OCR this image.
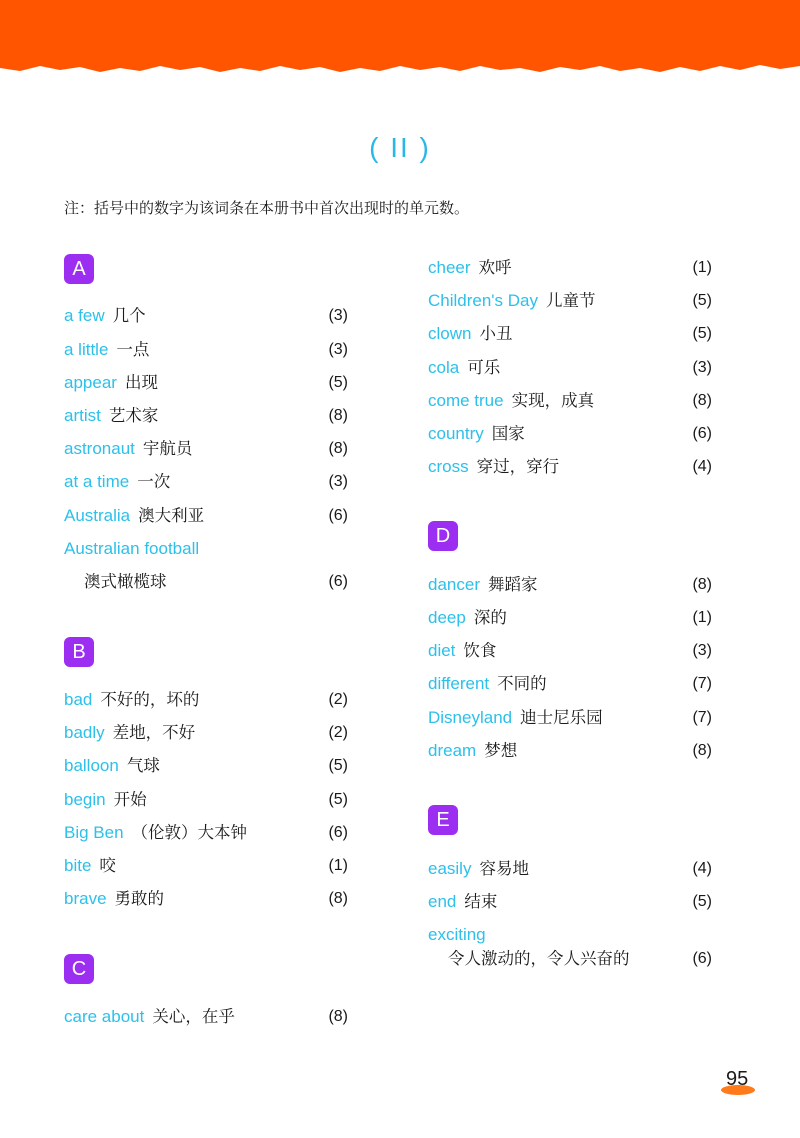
( II )
注：括号中的数字为该词条在本册书中首次出现时的单元数。
A
a few 几个	(3)
a little 一点	(3)
appear 出现	(5)
artist 艺术家	(8)
astronaut 宇航员	(8)
at a time 一次	(3)
Australia 澳大利亚	(6)
Australian football
澳式橄榄球	(6)
B
bad 不好的，坏的	(2)
badly 差地，不好	(2)
balloon 气球	(5)
begin 开始	(5)
Big Ben （伦敦）大本钟	(6)
bite 咬	(1)
brave 勇敢的	(8)
C
care about 关心，在乎	(8)
cheer 欢呼	(1)
Children's Day 儿童节	(5)
clown 小丑	(5)
cola 可乐	(3)
come true 实现，成真	(8)
country 国家	(6)
cross 穿过，穿行	(4)
D
dancer 舞蹈家	(8)
deep 深的	(1)
diet 饮食	(3)
different 不同的	(7)
Disneyland 迪士尼乐园	(7)
dream 梦想	(8)
E
easily 容易地	(4)
end 结束	(5)
exciting
令人激动的，令人兴奋的	(6)
95
